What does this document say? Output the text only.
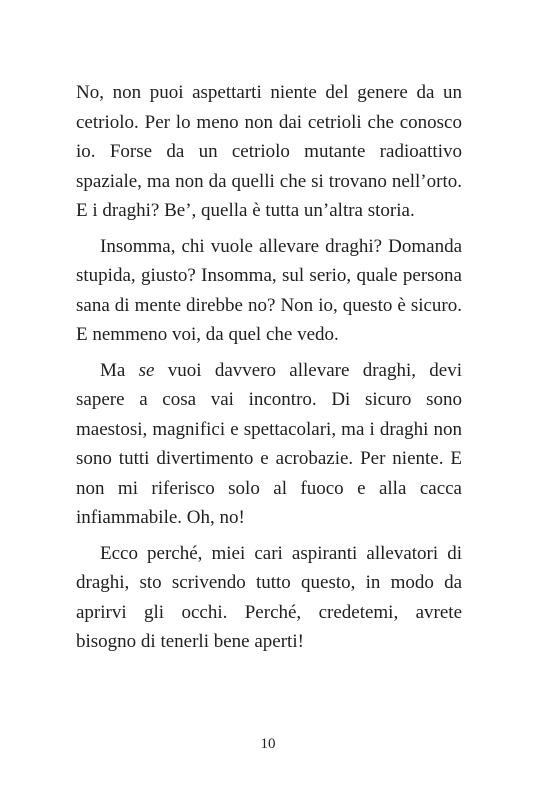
No, non puoi aspettarti niente del genere da un cetriolo. Per lo meno non dai cetrioli che conosco io. Forse da un cetriolo mutante radioattivo spaziale, ma non da quelli che si trovano nell’orto. E i draghi? Be’, quella è tutta un’altra storia.

Insomma, chi vuole allevare draghi? Domanda stupida, giusto? Insomma, sul serio, quale persona sana di mente direbbe no? Non io, questo è sicuro. E nemmeno voi, da quel che vedo.

Ma se vuoi davvero allevare draghi, devi sapere a cosa vai incontro. Di sicuro sono maestosi, magnifici e spettacolari, ma i draghi non sono tutti divertimento e acrobazie. Per niente. E non mi riferisco solo al fuoco e alla cacca infiammabile. Oh, no!

Ecco perché, miei cari aspiranti allevatori di draghi, sto scrivendo tutto questo, in modo da aprirvi gli occhi. Perché, credetemi, avrete bisogno di tenerli bene aperti!

10
